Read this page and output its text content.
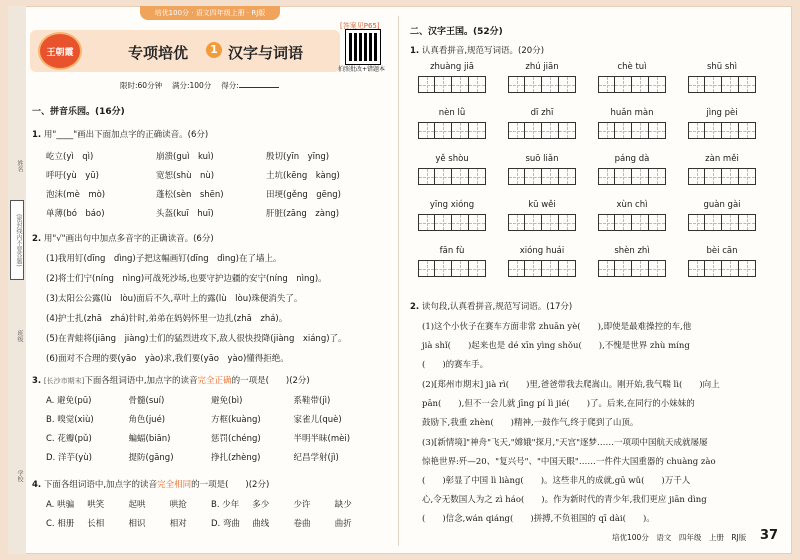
姓名
(密封线内不要答题)
班级
学校
培优100分 · 语文四年级上册 · RJ版
[答案见P65]
王朝霞	专项培优	1 汉字与词语
拍照批改+错题本
限时:60分钟　 满分:100分　 得分:
一、拼音乐园。(16分)
1. 用"____"画出下面加点字的正确读音。(6分)
屹立(yì　qì)	崩溃(guì　kuì)	殷切(yīn　yīng)
呼吁(yù　yū)	宽恕(shù　nù)	土坑(kēng　kàng)
泡沫(mè　mò)	蓬松(sèn　shēn)	田埂(gěng　gēng)
单薄(bó　báo)	头盔(kuī　huī)	肝脏(zāng　zàng)
2. 用"√"画出句中加点多音字的正确读音。(6分)
(1)我用钉(dīng　dìng)子把这幅画钉(dīng　dìng)在了墙上。
(2)将士们宁(níng　nìng)可战死沙场,也要守护边疆的安宁(níng　nìng)。
(3)太阳公公露(lù　lòu)面后不久,草叶上的露(lù　lòu)珠便消失了。
(4)护士扎(zhā　zhá)针时,弟弟在妈妈怀里一边扎(zhā　zhá)。
(5)在青蛙将(jiāng　jiàng)士们的猛烈进攻下,敌人很快投降(jiàng　xiáng)了。
(6)面对不合理的要(yāo　yào)求,我们要(yāo　yào)懂得拒绝。
3. [长沙市期末]下面各组词语中,加点字的读音完全正确的一项是(　　)(2分)
A. 避免(pū)	骨髓(suí)	避免(bì)	系鞋带(jì)
B. 嗅觉(xiù)	角色(jué)	方框(kuàng)	家雀儿(què)
C. 花瓣(pǔ)	蝙蝠(biān)	惩罚(chéng)	半明半昧(mèi)
D. 洋芋(yù)	提防(gāng)	挣扎(zhèng)	纪昌学射(jì)
4. 下面各组词语中,加点字的读音完全相同的一项是(　　)(2分)
A. 哄骗	哄笑	起哄	哄抢	B. 少年	多少	少许	缺少
C. 相册	长相	相识	相对	D. 弯曲	曲线	卷曲	曲折
二、汉字王国。(52分)
1. 认真看拼音,规范写词语。(20分)
zhuàng jiā	zhú jiān	chè tuì	shū shì
nèn lǜ	dī zhī	huǎn màn	jìng pèi
yě shòu	suō liǎn	páng dà	zàn měi
yīng xióng	kū wěi	xùn chì	guàn gài
fān fù	xióng huái	shèn zhì	bèi cān
2. 读句段,认真看拼音,规范写词语。(17分)
(1)这个小伙子在赛车方面非常 zhuān yè(　　),即使是最难操控的车,他
jià shǐ(　　)起来也是 dé xīn yìng shǒu(　　),不愧是世界 zhù míng
(　　)的赛车手。
(2)[郑州市期末] jià rì(　　)里,爸爸带我去爬嵩山。刚开始,我气喘 lì(　　)向上
pān(　　),但不一会儿就 jīng pí lì jié(　　)了。后来,在同行的小妹妹的
鼓励下,我重 zhèn(　　)精神,一鼓作气,终于爬到了山顶。
(3)[新情境]"神舟"飞天,"嫦娥"探月,"天宫"逐梦……一项项中国航天成就屡屡
惊艳世界:歼—20、"复兴号"、"中国天眼"……一件件大国重器的 chuàng zào
(　　)彰显了中国 lì liàng(　　)。这些非凡的成就,gū wǔ(　　)万千人
心,令无数国人为之 zì háo(　　)。作为新时代的青少年,我们更应 jiān dìng
(　　)信念,wán qiáng(　　)拼搏,不负祖国的 qī dài(　　)。
培优100分　语文　四年级　上册　RJ版 37
